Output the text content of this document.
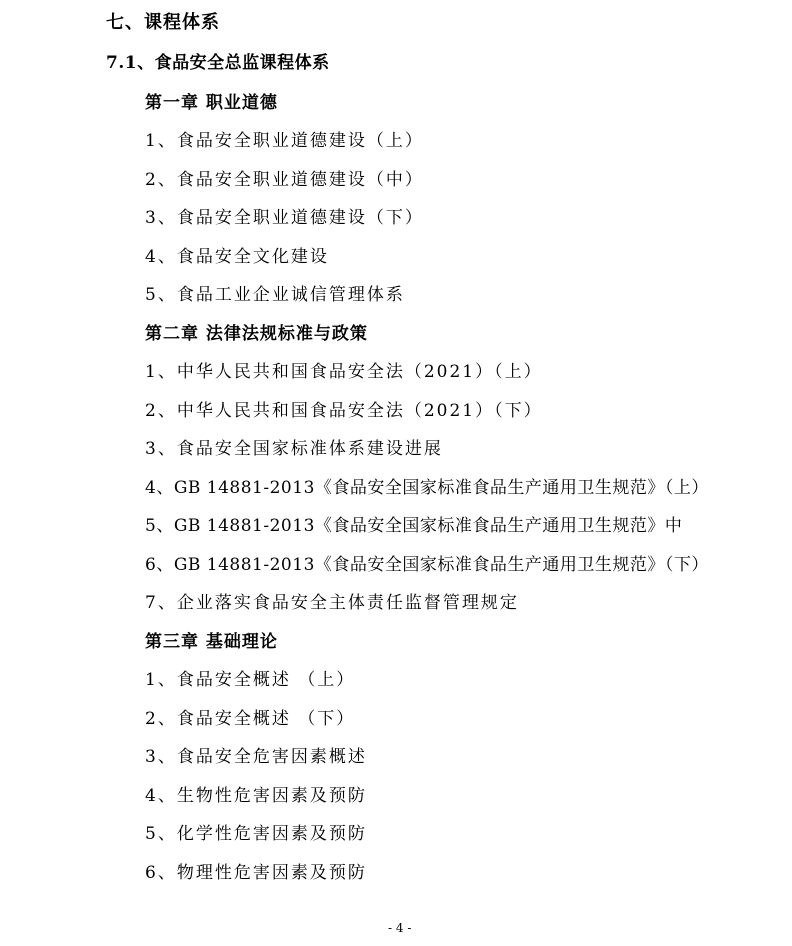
七、课程体系
7.1、食品安全总监课程体系
第一章 职业道德
1、食品安全职业道德建设（上）
2、食品安全职业道德建设（中）
3、食品安全职业道德建设（下）
4、食品安全文化建设
5、食品工业企业诚信管理体系
第二章 法律法规标准与政策
1、中华人民共和国食品安全法（2021）（上）
2、中华人民共和国食品安全法（2021）（下）
3、食品安全国家标准体系建设进展
4、GB 14881-2013《食品安全国家标准食品生产通用卫生规范》（上）
5、GB 14881-2013《食品安全国家标准食品生产通用卫生规范》中
6、GB 14881-2013《食品安全国家标准食品生产通用卫生规范》（下）
7、企业落实食品安全主体责任监督管理规定
第三章 基础理论
1、食品安全概述 （上）
2、食品安全概述 （下）
3、食品安全危害因素概述
4、生物性危害因素及预防
5、化学性危害因素及预防
6、物理性危害因素及预防
- 4 -
